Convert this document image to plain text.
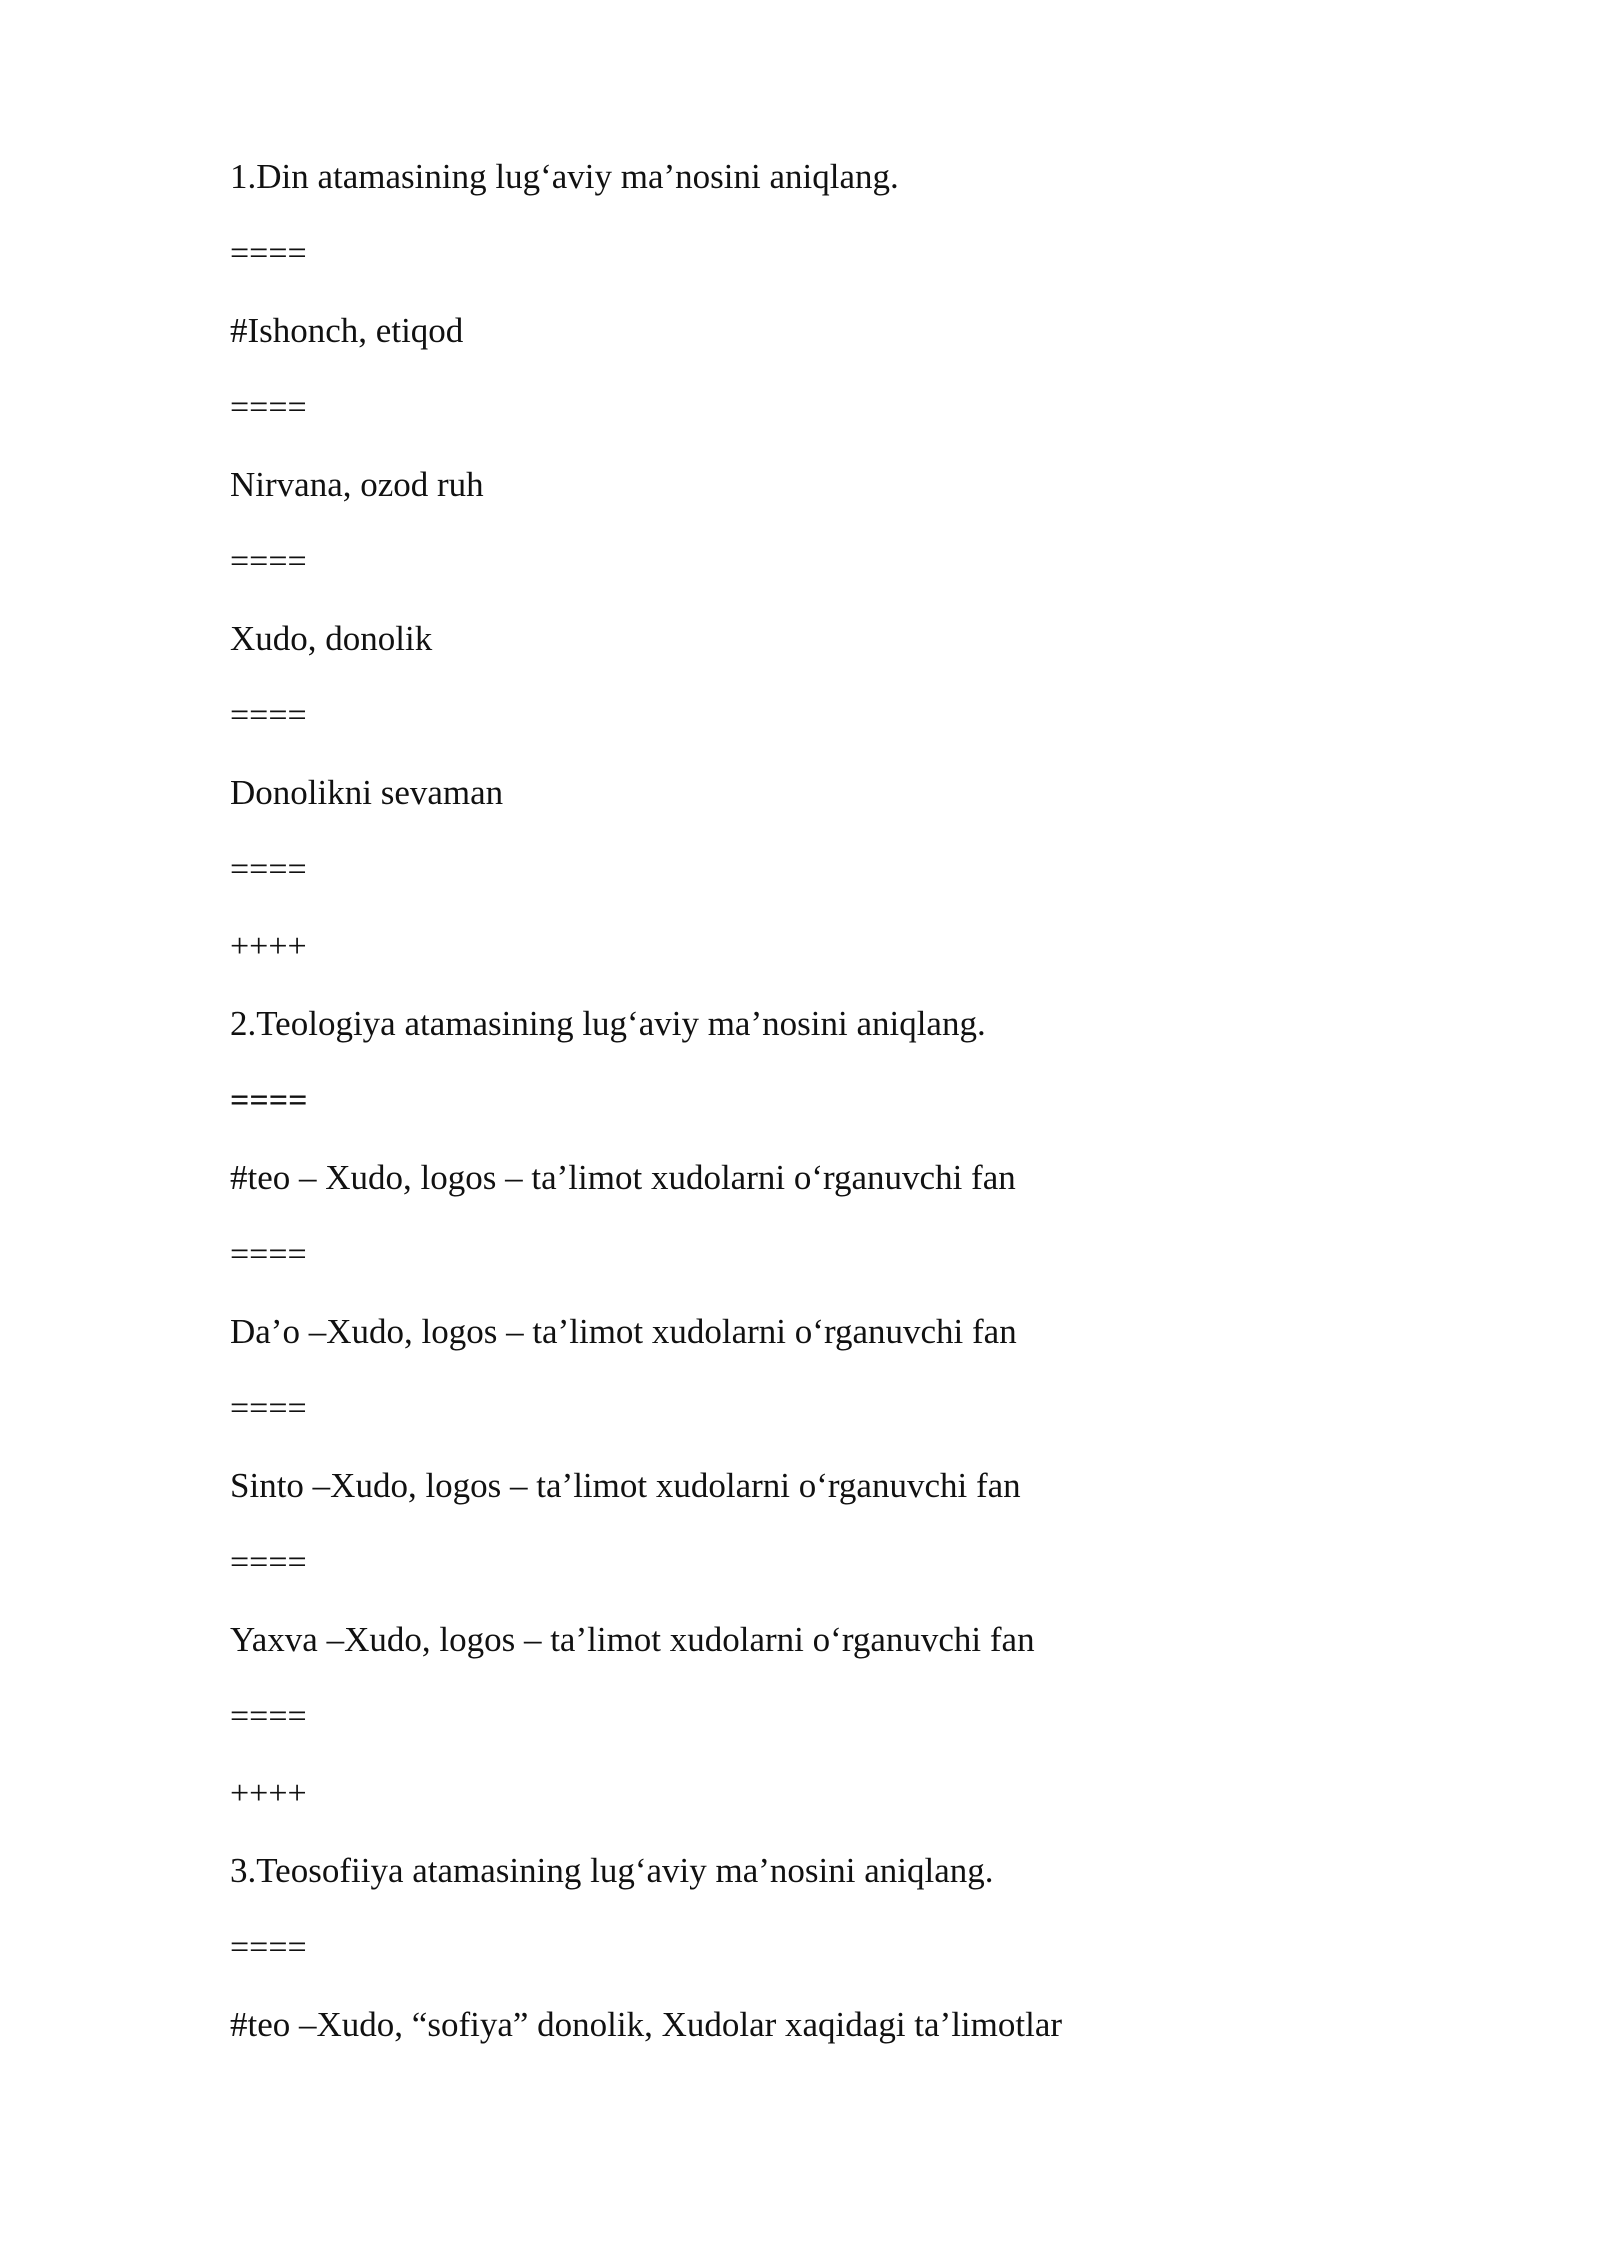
1.Din atamasining lug‘aviy ma’nosini aniqlang.
====
#Ishonch, etiqod
====
Nirvana, ozod ruh
====
Xudo, donolik
====
Donolikni sevaman
====
++++
2.Teologiya atamasining lug‘aviy ma’nosini aniqlang.
====
#teo – Xudo, logos – ta’limot xudolarni o‘rganuvchi fan
====
Da’o –Xudo, logos – ta’limot xudolarni o‘rganuvchi fan
====
Sinto –Xudo, logos – ta’limot xudolarni o‘rganuvchi fan
====
Yaxva –Xudo, logos – ta’limot xudolarni o‘rganuvchi fan
====
++++
3.Teosofiiya atamasining lug‘aviy ma’nosini aniqlang.
====
#teo –Xudo, “sofiya” donolik, Xudolar xaqidagi ta’limotlar
